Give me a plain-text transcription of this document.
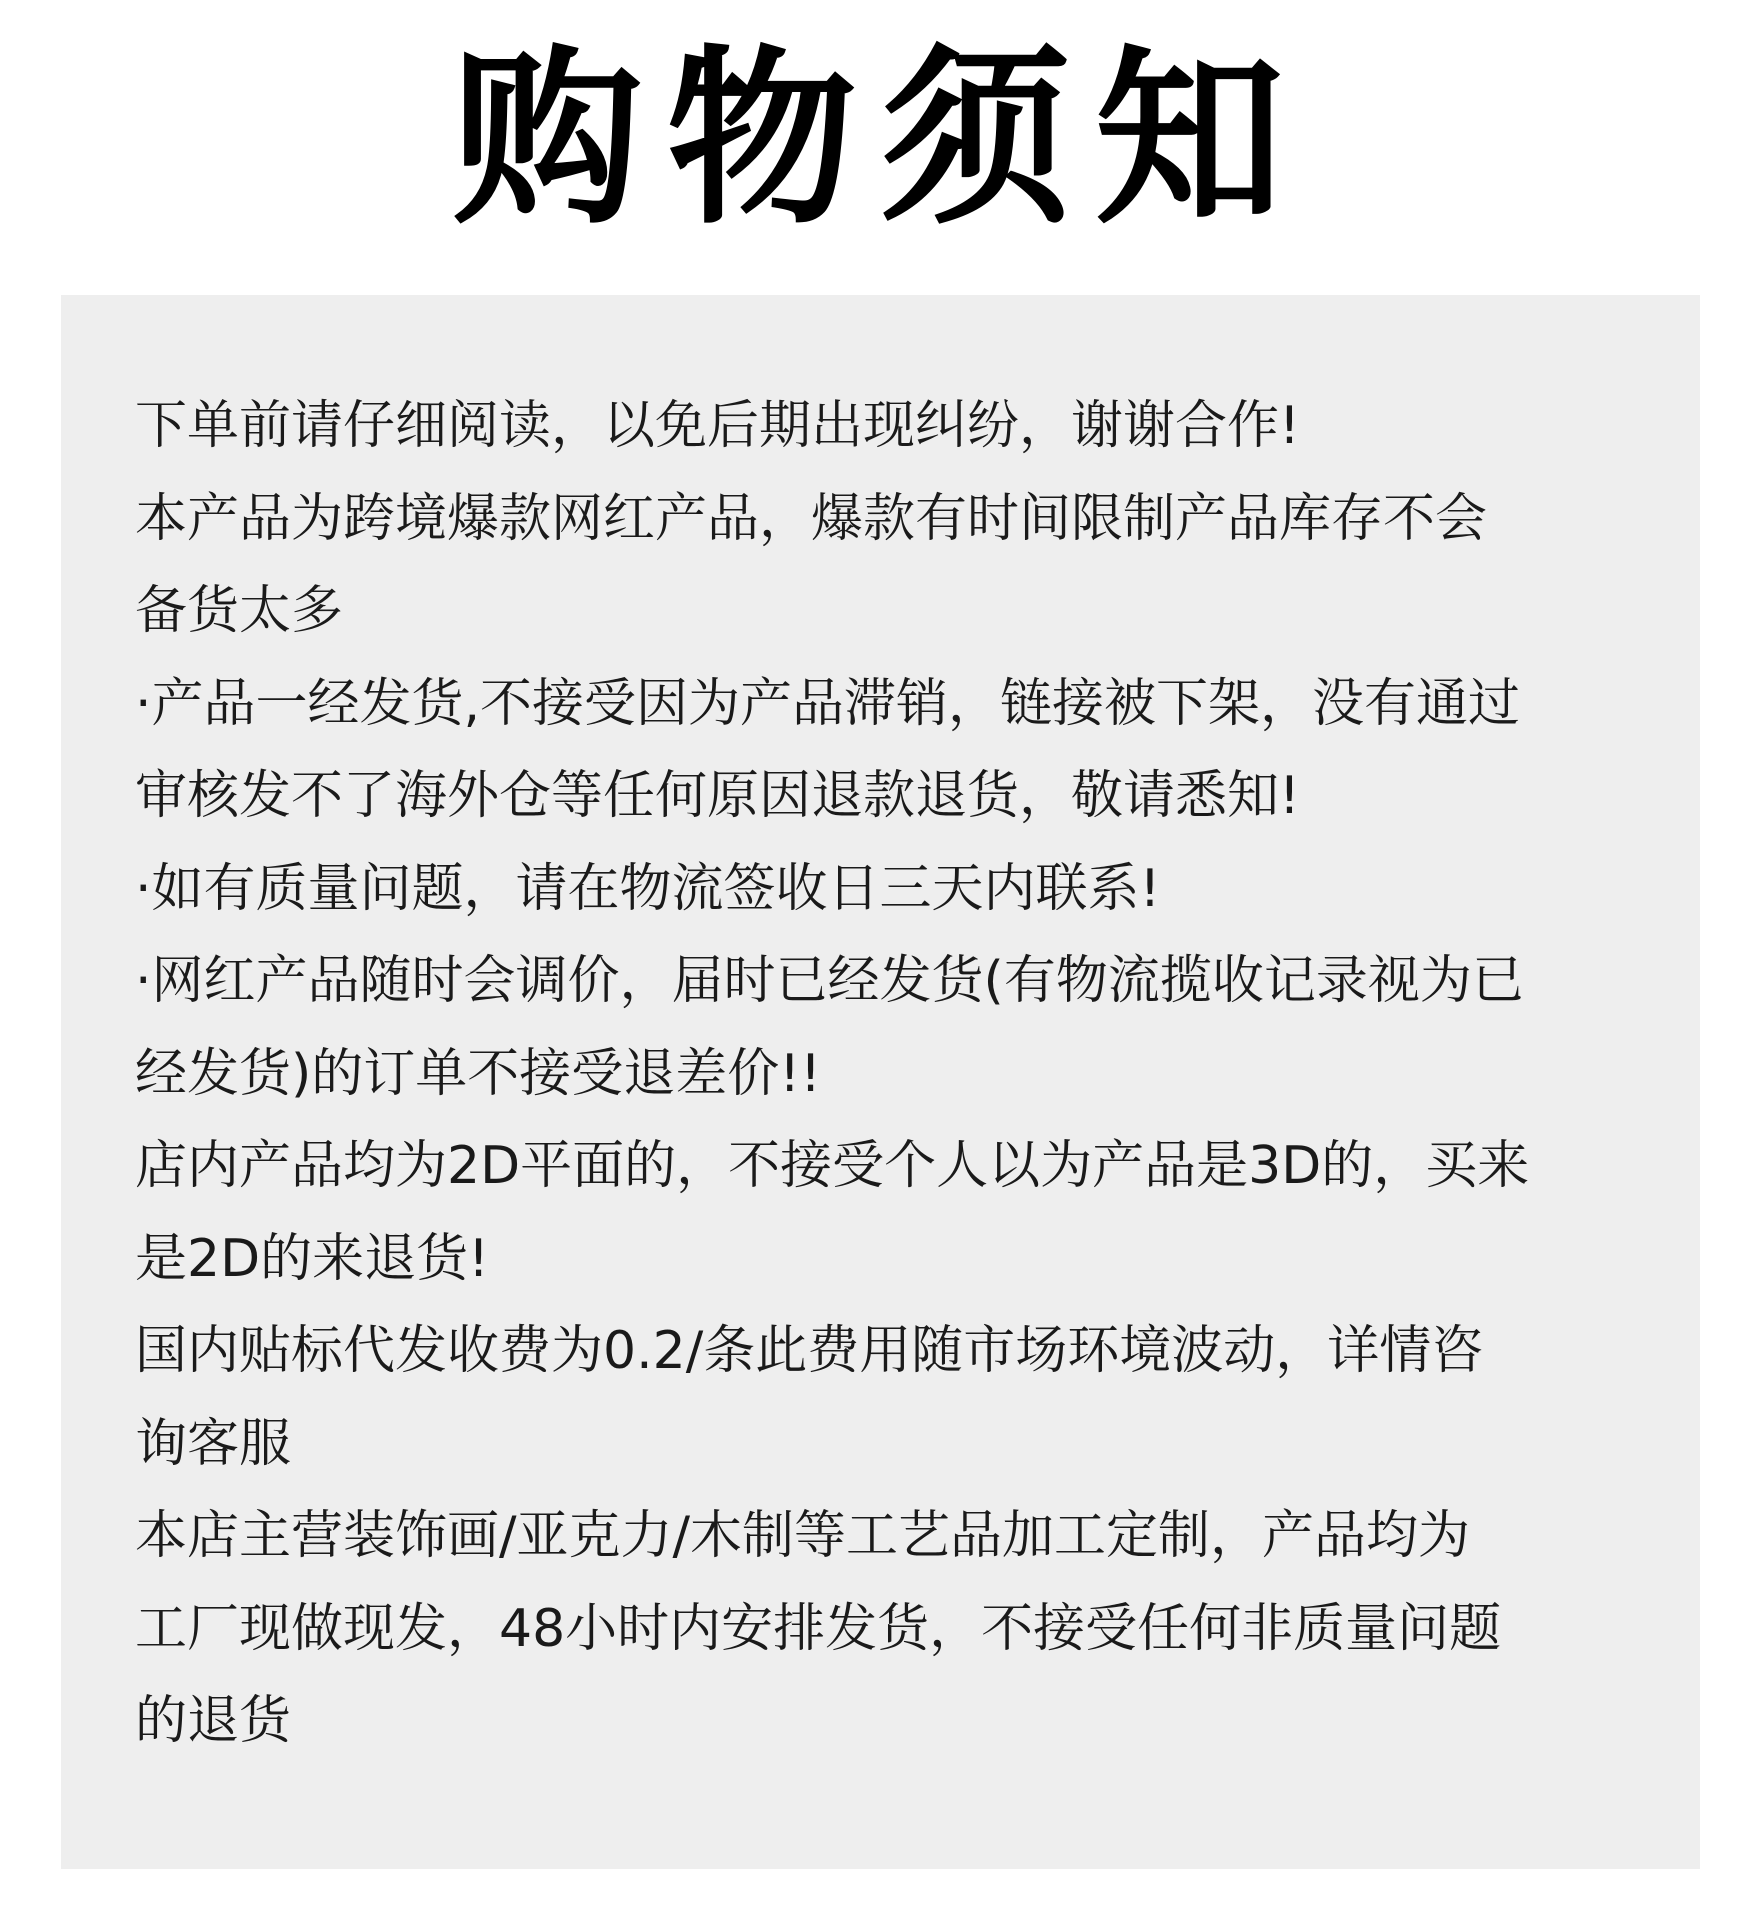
购物须知
下单前请仔细阅读，以免后期出现纠纷，谢谢合作!
本产品为跨境爆款网红产品，爆款有时间限制产品库存不会
备货太多
·产品一经发货,不接受因为产品滞销，链接被下架，没有通过
审核发不了海外仓等任何原因退款退货，敬请悉知!
·如有质量问题，请在物流签收日三天内联系!
·网红产品随时会调价，届时已经发货(有物流揽收记录视为已
经发货)的订单不接受退差价!!
店内产品均为2D平面的，不接受个人以为产品是3D的，买来
是2D的来退货!
国内贴标代发收费为0.2/条此费用随市场环境波动，详情咨
询客服
本店主营装饰画/亚克力/木制等工艺品加工定制，产品均为
工厂现做现发，48小时内安排发货，不接受任何非质量问题
的退货
